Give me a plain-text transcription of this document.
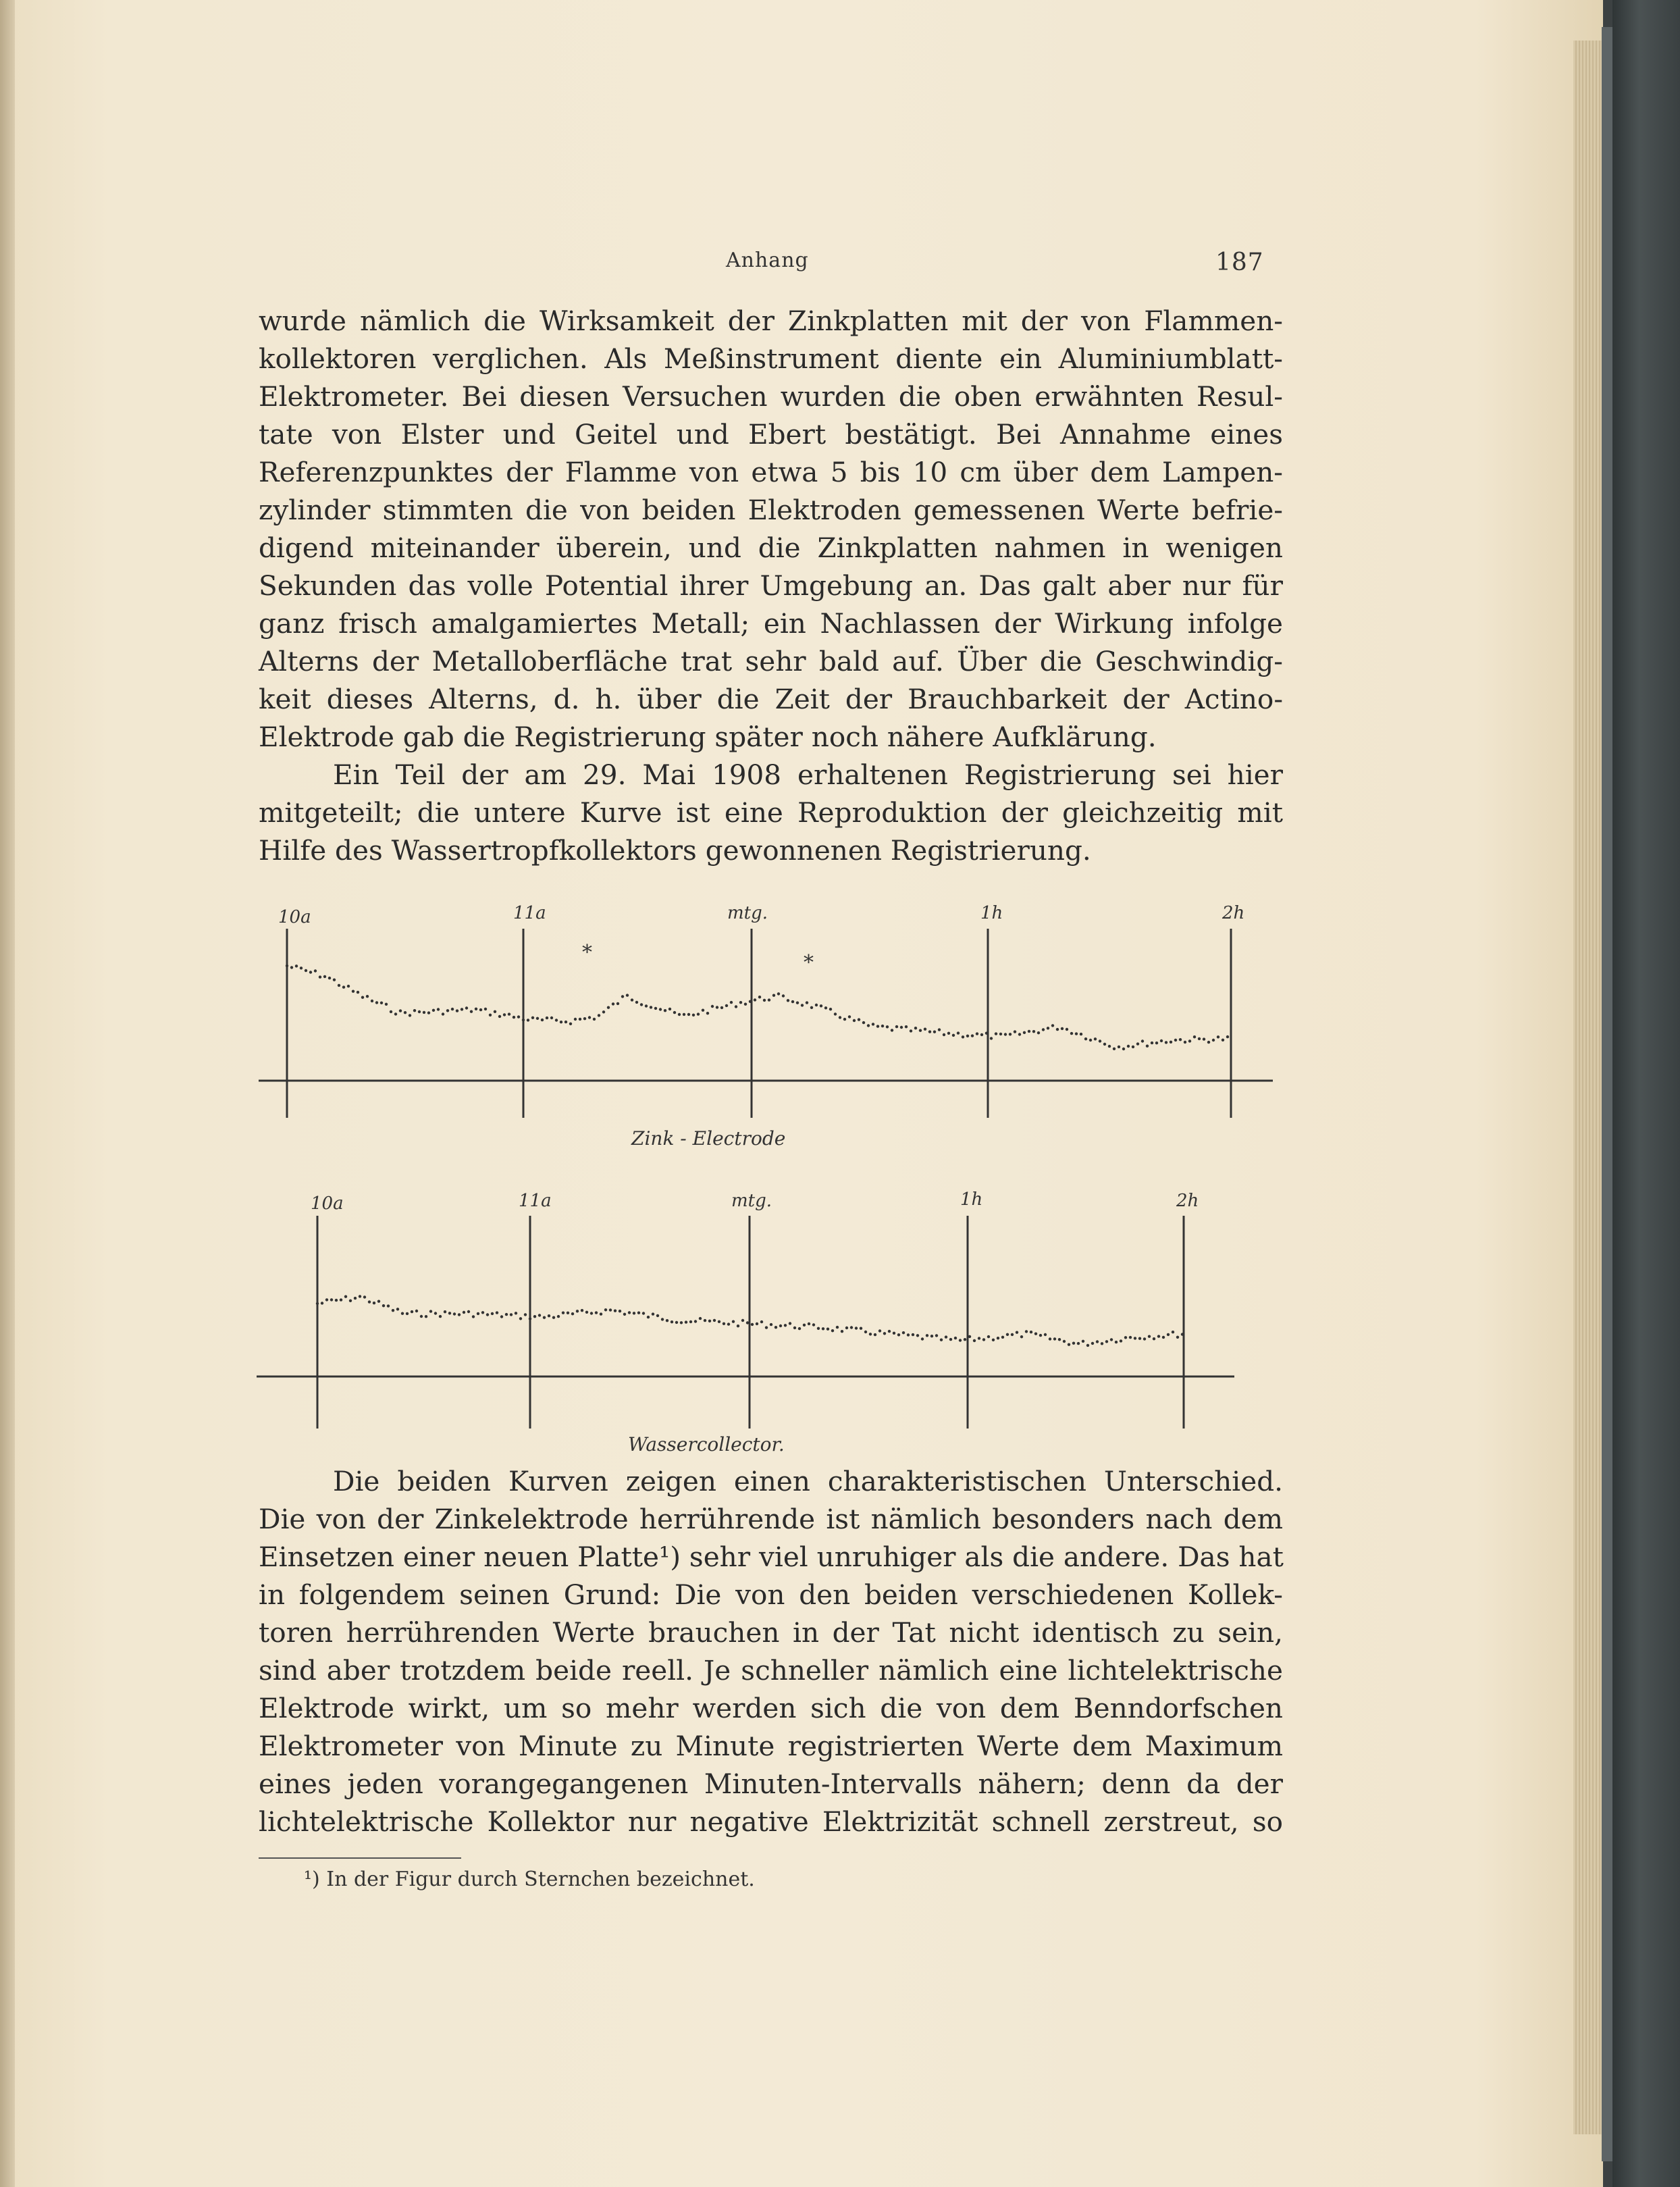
Anhang	187
wurde nämlich die Wirksamkeit der Zinkplatten mit der von Flammen-
kollektoren verglichen. Als Meßinstrument diente ein Aluminiumblatt-
Elektrometer. Bei diesen Versuchen wurden die oben erwähnten Resul-
tate von Elster und Geitel und Ebert bestätigt. Bei Annahme eines
Referenzpunktes der Flamme von etwa 5 bis 10 cm über dem Lampen-
zylinder stimmten die von beiden Elektroden gemessenen Werte befrie-
digend miteinander überein, und die Zinkplatten nahmen in wenigen
Sekunden das volle Potential ihrer Umgebung an. Das galt aber nur für
ganz frisch amalgamiertes Metall; ein Nachlassen der Wirkung infolge
Alterns der Metalloberfläche trat sehr bald auf. Über die Geschwindig-
keit dieses Alterns, d. h. über die Zeit der Brauchbarkeit der Actino-
Elektrode gab die Registrierung später noch nähere Aufklärung.
Ein Teil der am 29. Mai 1908 erhaltenen Registrierung sei hier
mitgeteilt; die untere Kurve ist eine Reproduktion der gleichzeitig mit
Hilfe des Wassertropfkollektors gewonnenen Registrierung.
10a	11a	mtg.	1h	2h
*	*
Zink - Electrode
10a	11a	mtg.	1h	2h
Wassercollector.
Die beiden Kurven zeigen einen charakteristischen Unterschied.
Die von der Zinkelektrode herrührende ist nämlich besonders nach dem
Einsetzen einer neuen Platte¹) sehr viel unruhiger als die andere. Das hat
in folgendem seinen Grund: Die von den beiden verschiedenen Kollek-
toren herrührenden Werte brauchen in der Tat nicht identisch zu sein,
sind aber trotzdem beide reell. Je schneller nämlich eine lichtelektrische
Elektrode wirkt, um so mehr werden sich die von dem Benndorfschen
Elektrometer von Minute zu Minute registrierten Werte dem Maximum
eines jeden vorangegangenen Minuten-Intervalls nähern; denn da der
lichtelektrische Kollektor nur negative Elektrizität schnell zerstreut, so
¹) In der Figur durch Sternchen bezeichnet.
